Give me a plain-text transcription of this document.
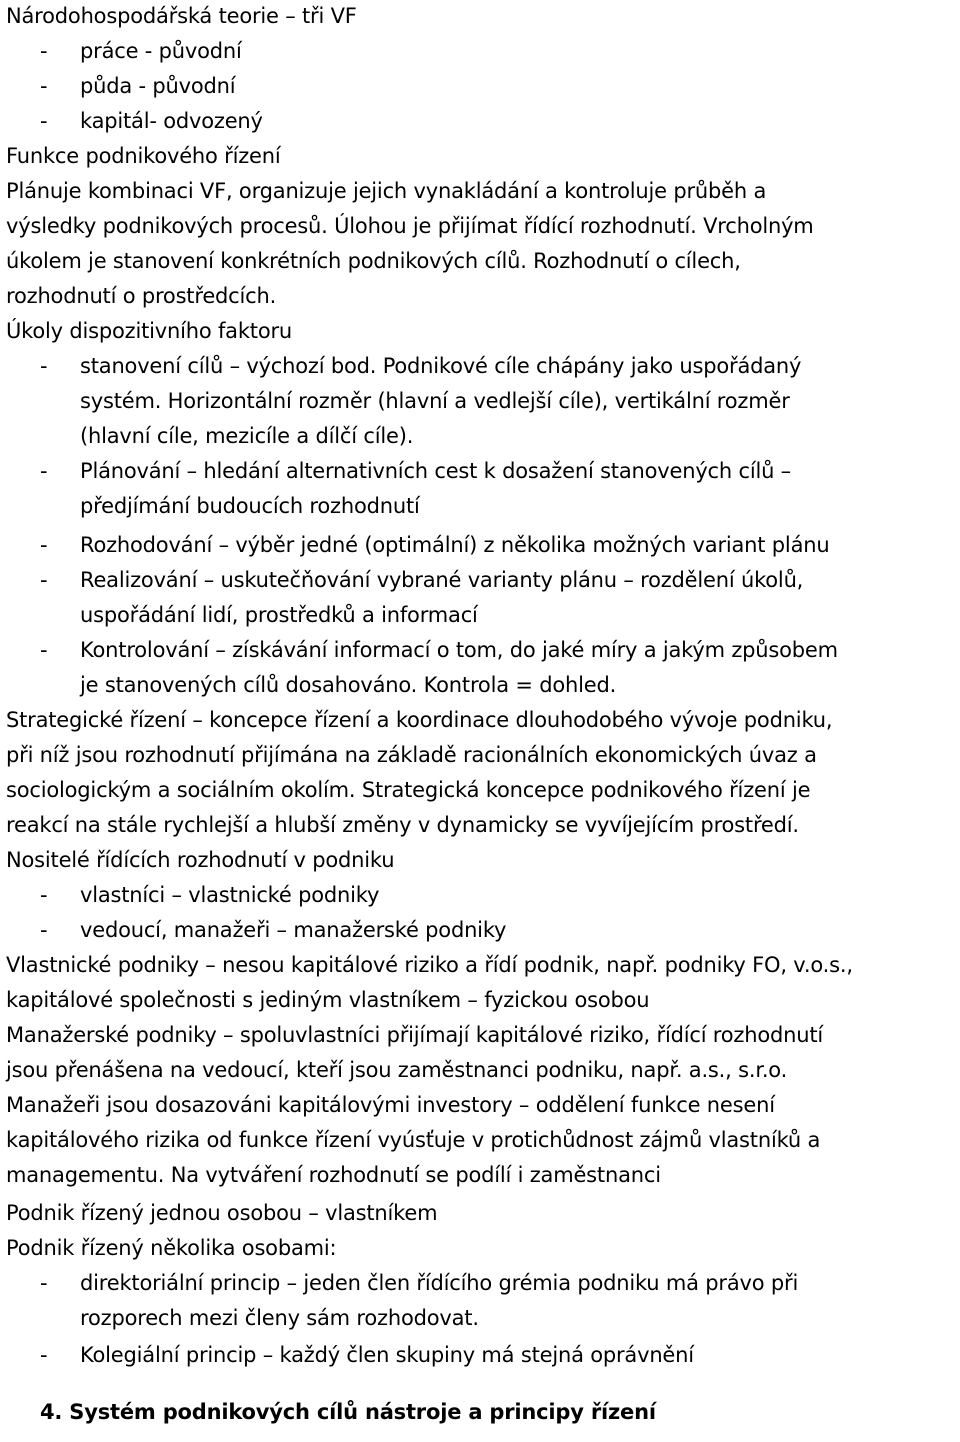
Národohospodářská teorie – tři VF
-	práce - původní
-	půda - původní
-	kapitál- odvozený
Funkce podnikového řízení
Plánuje kombinaci VF, organizuje jejich vynakládání a kontroluje průběh a
výsledky podnikových procesů. Úlohou je přijímat řídící rozhodnutí. Vrcholným
úkolem je stanovení konkrétních podnikových cílů. Rozhodnutí o cílech,
rozhodnutí o prostředcích.
Úkoly dispozitivního faktoru
-	stanovení cílů – výchozí bod. Podnikové cíle chápány jako uspořádaný
systém. Horizontální rozměr (hlavní a vedlejší cíle), vertikální rozměr
(hlavní cíle, mezicíle a dílčí cíle).
-	Plánování – hledání alternativních cest k dosažení stanovených cílů –
předjímání budoucích rozhodnutí
-	Rozhodování – výběr jedné (optimální) z několika možných variant plánu
-	Realizování – uskutečňování vybrané varianty plánu – rozdělení úkolů,
uspořádání lidí, prostředků a informací
-	Kontrolování – získávání informací o tom, do jaké míry a jakým způsobem
je stanovených cílů dosahováno. Kontrola = dohled.
Strategické řízení – koncepce řízení a koordinace dlouhodobého vývoje podniku,
při níž jsou rozhodnutí přijímána na základě racionálních ekonomických úvaz a
sociologickým a sociálním okolím. Strategická koncepce podnikového řízení je
reakcí na stále rychlejší a hlubší změny v dynamicky se vyvíjejícím prostředí.
Nositelé řídících rozhodnutí v podniku
-	vlastníci – vlastnické podniky
-	vedoucí, manažeři – manažerské podniky
Vlastnické podniky – nesou kapitálové riziko a řídí podnik, např. podniky FO, v.o.s.,
kapitálové společnosti s jediným vlastníkem – fyzickou osobou
Manažerské podniky – spoluvlastníci přijímají kapitálové riziko, řídící rozhodnutí
jsou přenášena na vedoucí, kteří jsou zaměstnanci podniku, např. a.s., s.r.o.
Manažeři jsou dosazováni kapitálovými investory – oddělení funkce nesení
kapitálového rizika od funkce řízení vyúsťuje v protichůdnost zájmů vlastníků a
managementu. Na vytváření rozhodnutí se podílí i zaměstnanci
Podnik řízený jednou osobou – vlastníkem
Podnik řízený několika osobami:
-	direktoriální princip – jeden člen řídícího grémia podniku má právo při
rozporech mezi členy sám rozhodovat.
-	Kolegiální princip – každý člen skupiny má stejná oprávnění
4. Systém podnikových cílů nástroje a principy řízení
